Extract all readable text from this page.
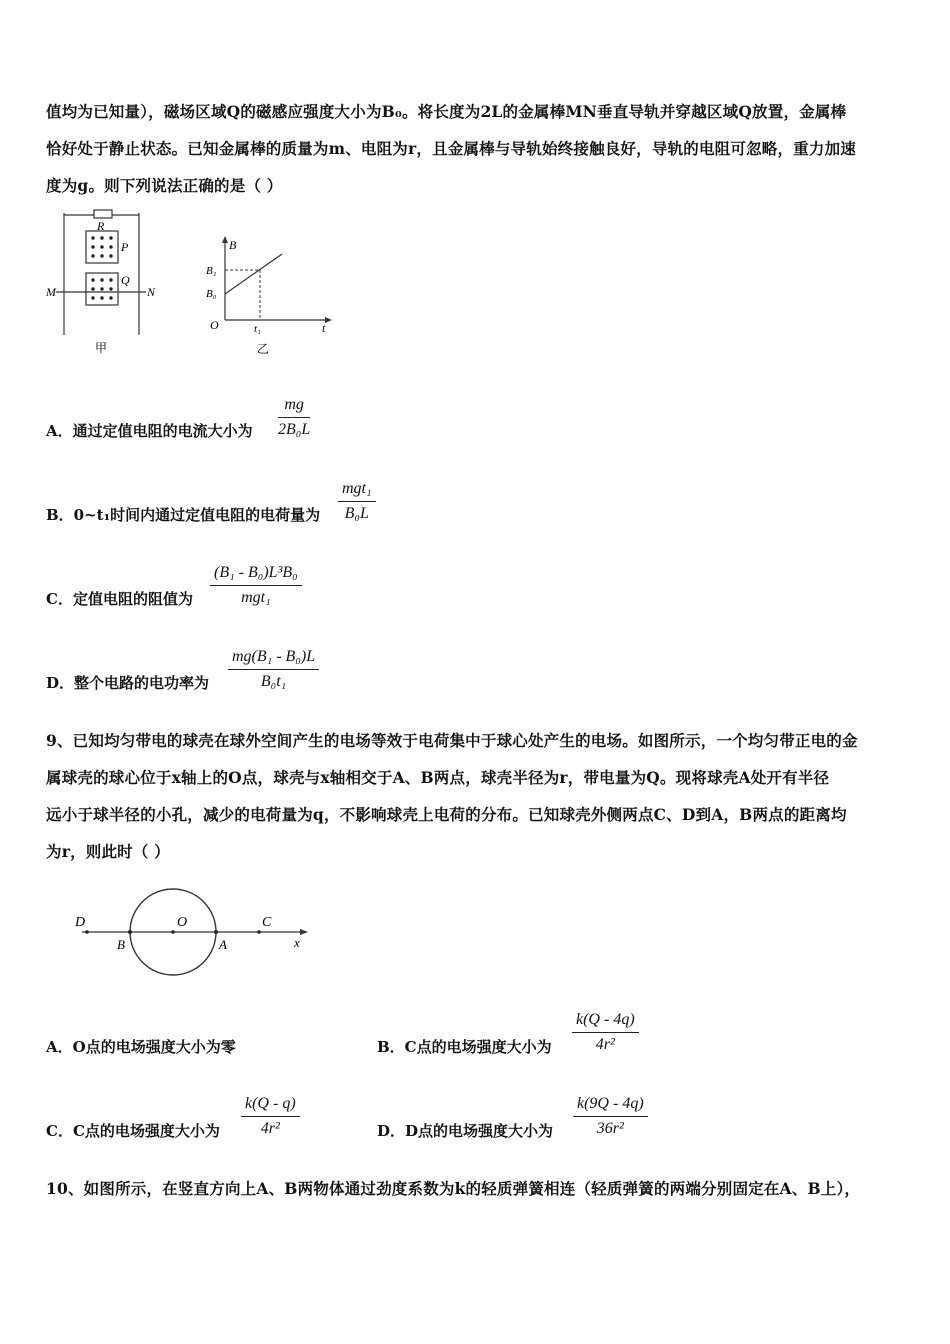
值均为已知量），磁场区域Q的磁感应强度大小为B₀。将长度为2L的金属棒MN垂直导轨并穿越区域Q放置，金属棒
恰好处于静止状态。已知金属棒的质量为m、电阻为r，且金属棒与导轨始终接触良好，导轨的电阻可忽略，重力加速
度为g。则下列说法正确的是（ ）
R
P
Q
M	N
甲
B
B₁
B₀
O	t₁	t
乙
A．通过定值电阻的电流大小为 $\frac{mg}{\text{2B₀L}}$
B．0~t₁时间内通过定值电阻的电荷量为
mgt₁
B₀L
C．定值电阻的阻值为
(B₁ - B₀)L³B₀
mgt₁
D．整个电路的电功率为 $\frac{\text{mg(B₁ - B₀)L}}{\text{B₀t₁}}$
9、已知均匀带电的球壳在球外空间产生的电场等效于电荷集中于球心处产生的电场。如图所示，一个均匀带正电的金
属球壳的球心位于x轴上的O点，球壳与x轴相交于A、B两点，球壳半径为r，带电量为Q。现将球壳A处开有半径
远小于球半径的小孔，减少的电荷量为q，不影响球壳上电荷的分布。已知球壳外侧两点C、D到A，B两点的距离均
为r，则此时（ ）
D	O	C
B	A	x
A．O点的电场强度大小为零	B．C点的电场强度大小为 $\frac{k(Q - 4q)}{\text{4r²}}$
C．C点的电场强度大小为 $\frac{k(Q - q)}{\text{4r²}}$	D．D点的电场强度大小为 $\frac{k(9Q - 4q)}{\text{36r²}}$
10、如图所示，在竖直方向上A、B两物体通过劲度系数为k的轻质弹簧相连（轻质弹簧的两端分别固定在A、B上），
